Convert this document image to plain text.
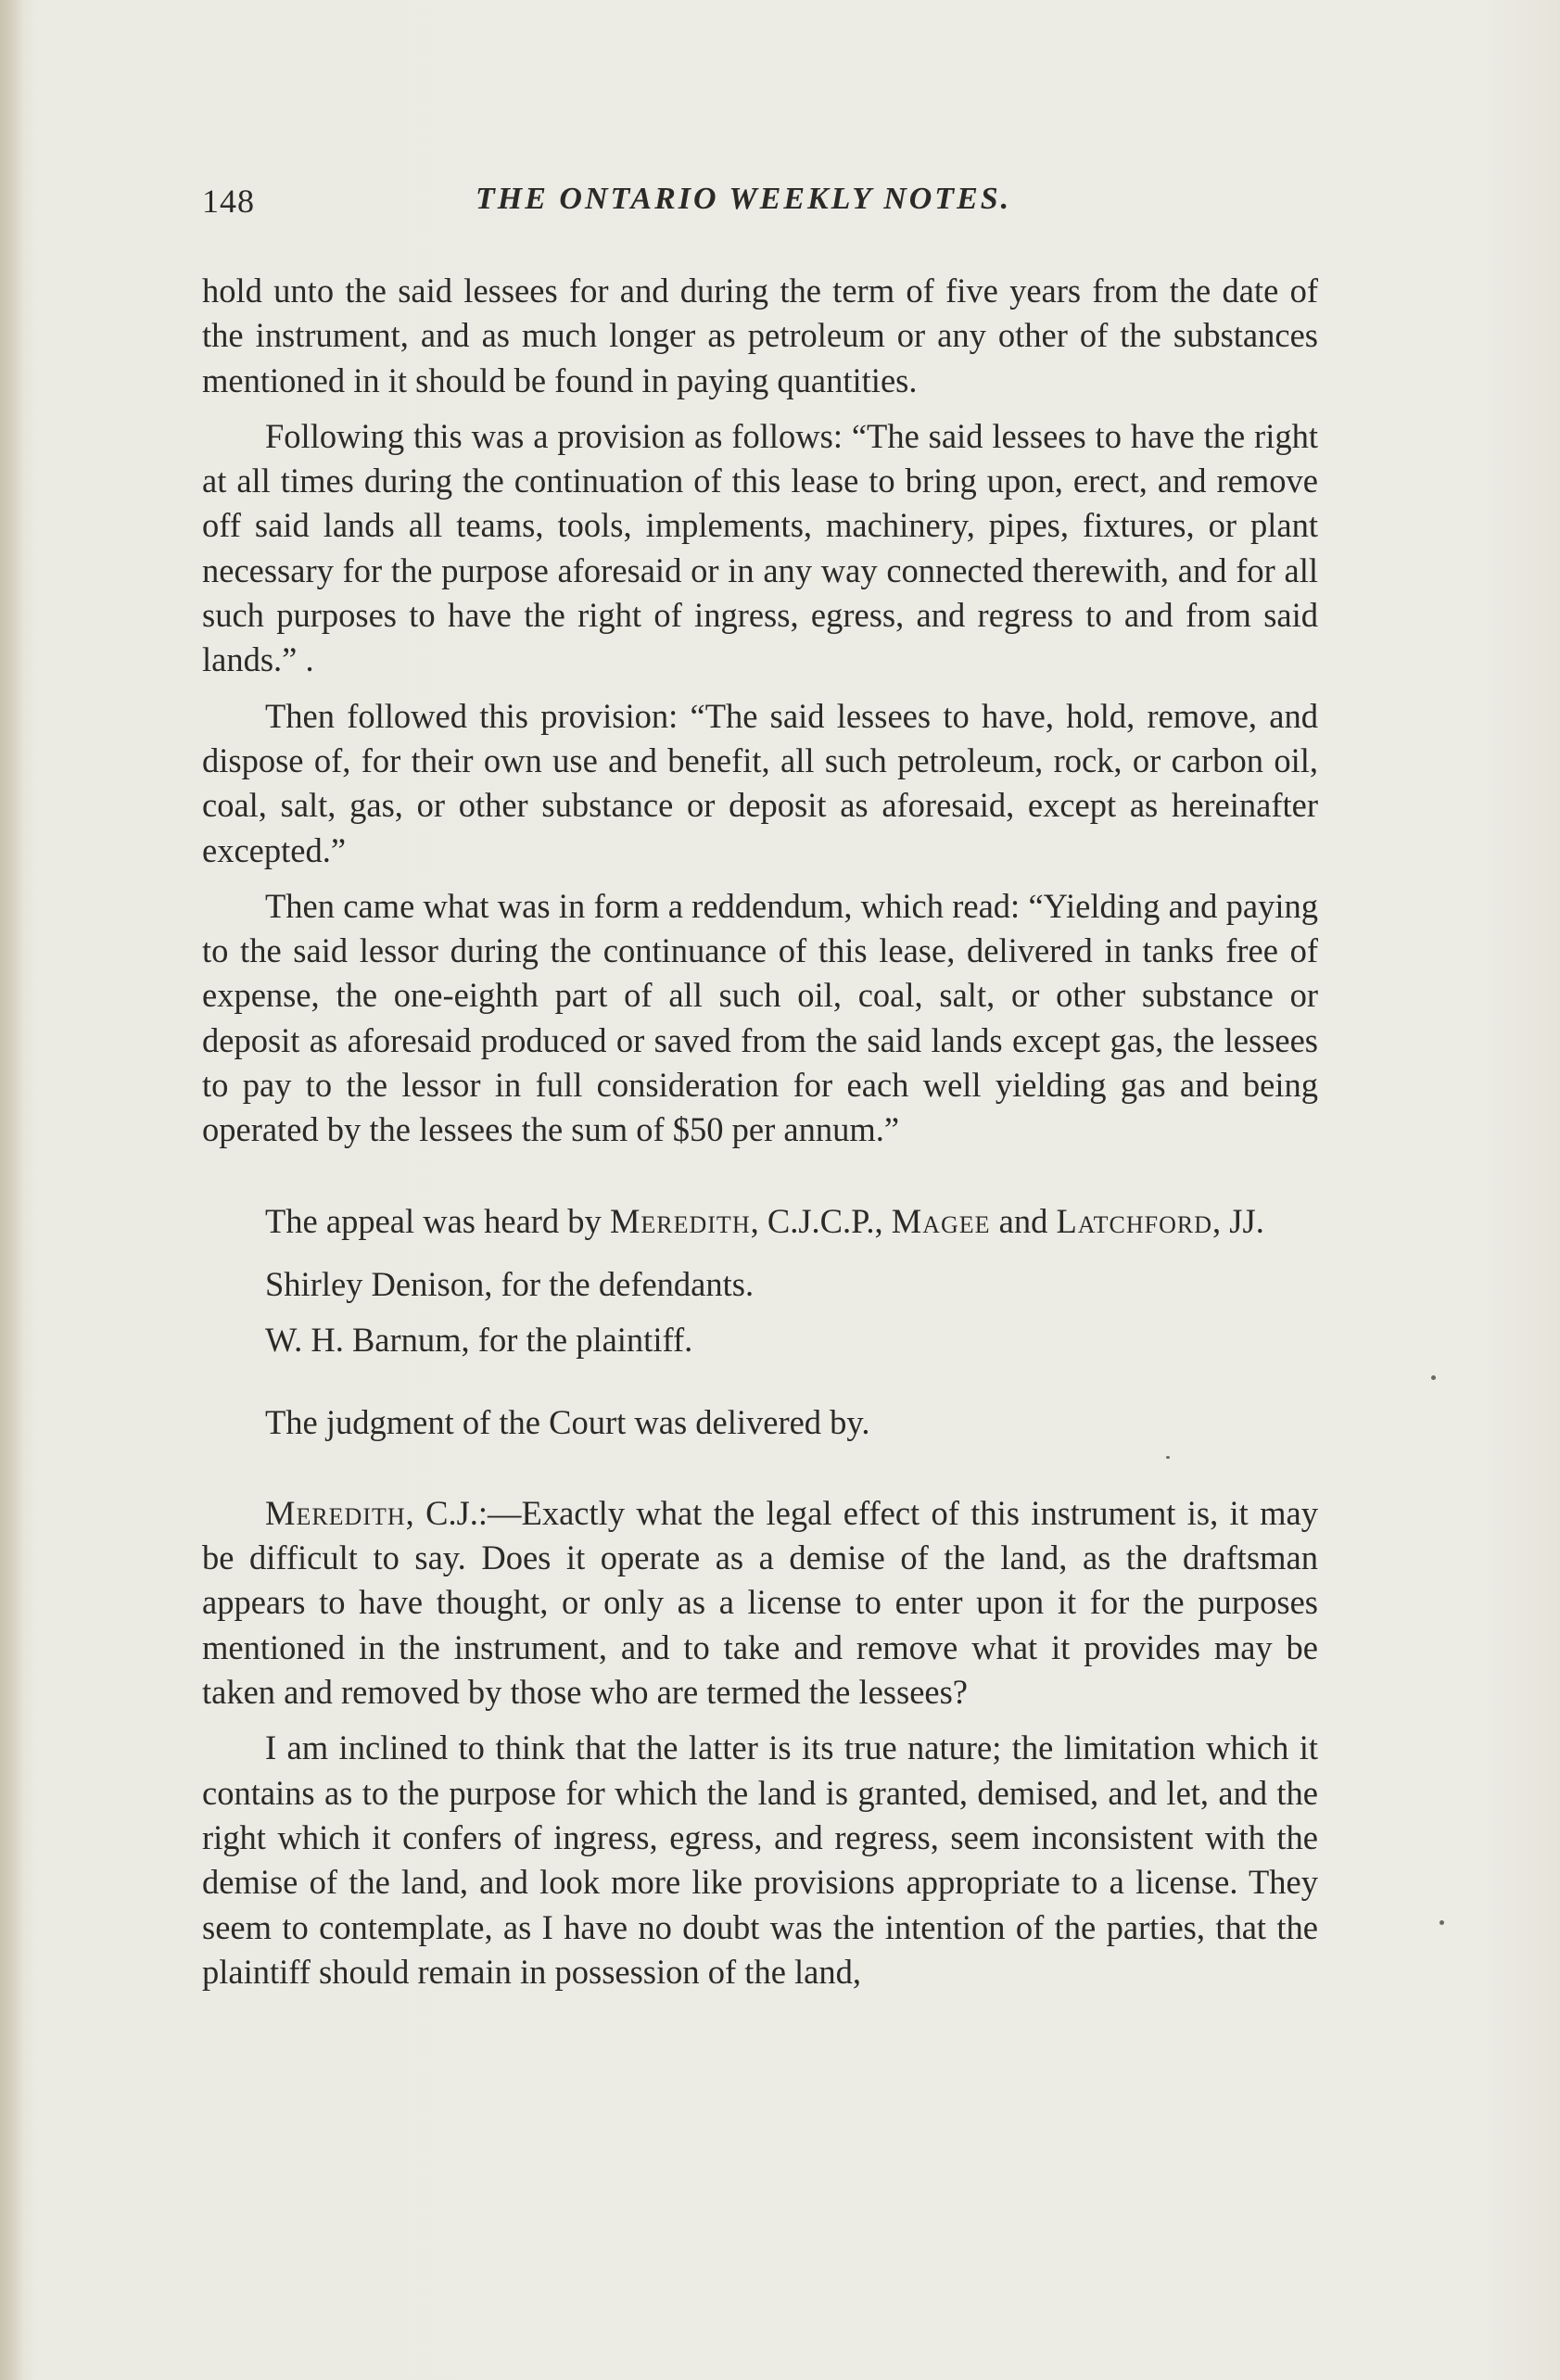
148	THE ONTARIO WEEKLY NOTES.

hold unto the said lessees for and during the term of five years from the date of the instrument, and as much longer as petroleum or any other of the substances mentioned in it should be found in paying quantities.

Following this was a provision as follows: “The said lessees to have the right at all times during the continuation of this lease to bring upon, erect, and remove off said lands all teams, tools, implements, machinery, pipes, fixtures, or plant necessary for the purpose aforesaid or in any way connected therewith, and for all such purposes to have the right of ingress, egress, and regress to and from said lands.” .

Then followed this provision: “The said lessees to have, hold, remove, and dispose of, for their own use and benefit, all such petroleum, rock, or carbon oil, coal, salt, gas, or other substance or deposit as aforesaid, except as hereinafter excepted.”

Then came what was in form a reddendum, which read: “Yielding and paying to the said lessor during the continuance of this lease, delivered in tanks free of expense, the one-eighth part of all such oil, coal, salt, or other substance or deposit as aforesaid produced or saved from the said lands except gas, the lessees to pay to the lessor in full consideration for each well yielding gas and being operated by the lessees the sum of $50 per annum.”

The appeal was heard by Meredith, C.J.C.P., Magee and Latchford, JJ.

Shirley Denison, for the defendants.

W. H. Barnum, for the plaintiff.

The judgment of the Court was delivered by.

Meredith, C.J.:—Exactly what the legal effect of this instrument is, it may be difficult to say. Does it operate as a demise of the land, as the draftsman appears to have thought, or only as a license to enter upon it for the purposes mentioned in the instrument, and to take and remove what it provides may be taken and removed by those who are termed the lessees?

I am inclined to think that the latter is its true nature; the limitation which it contains as to the purpose for which the land is granted, demised, and let, and the right which it confers of ingress, egress, and regress, seem inconsistent with the demise of the land, and look more like provisions appropriate to a license. They seem to contemplate, as I have no doubt was the intention of the parties, that the plaintiff should remain in possession of the land,
